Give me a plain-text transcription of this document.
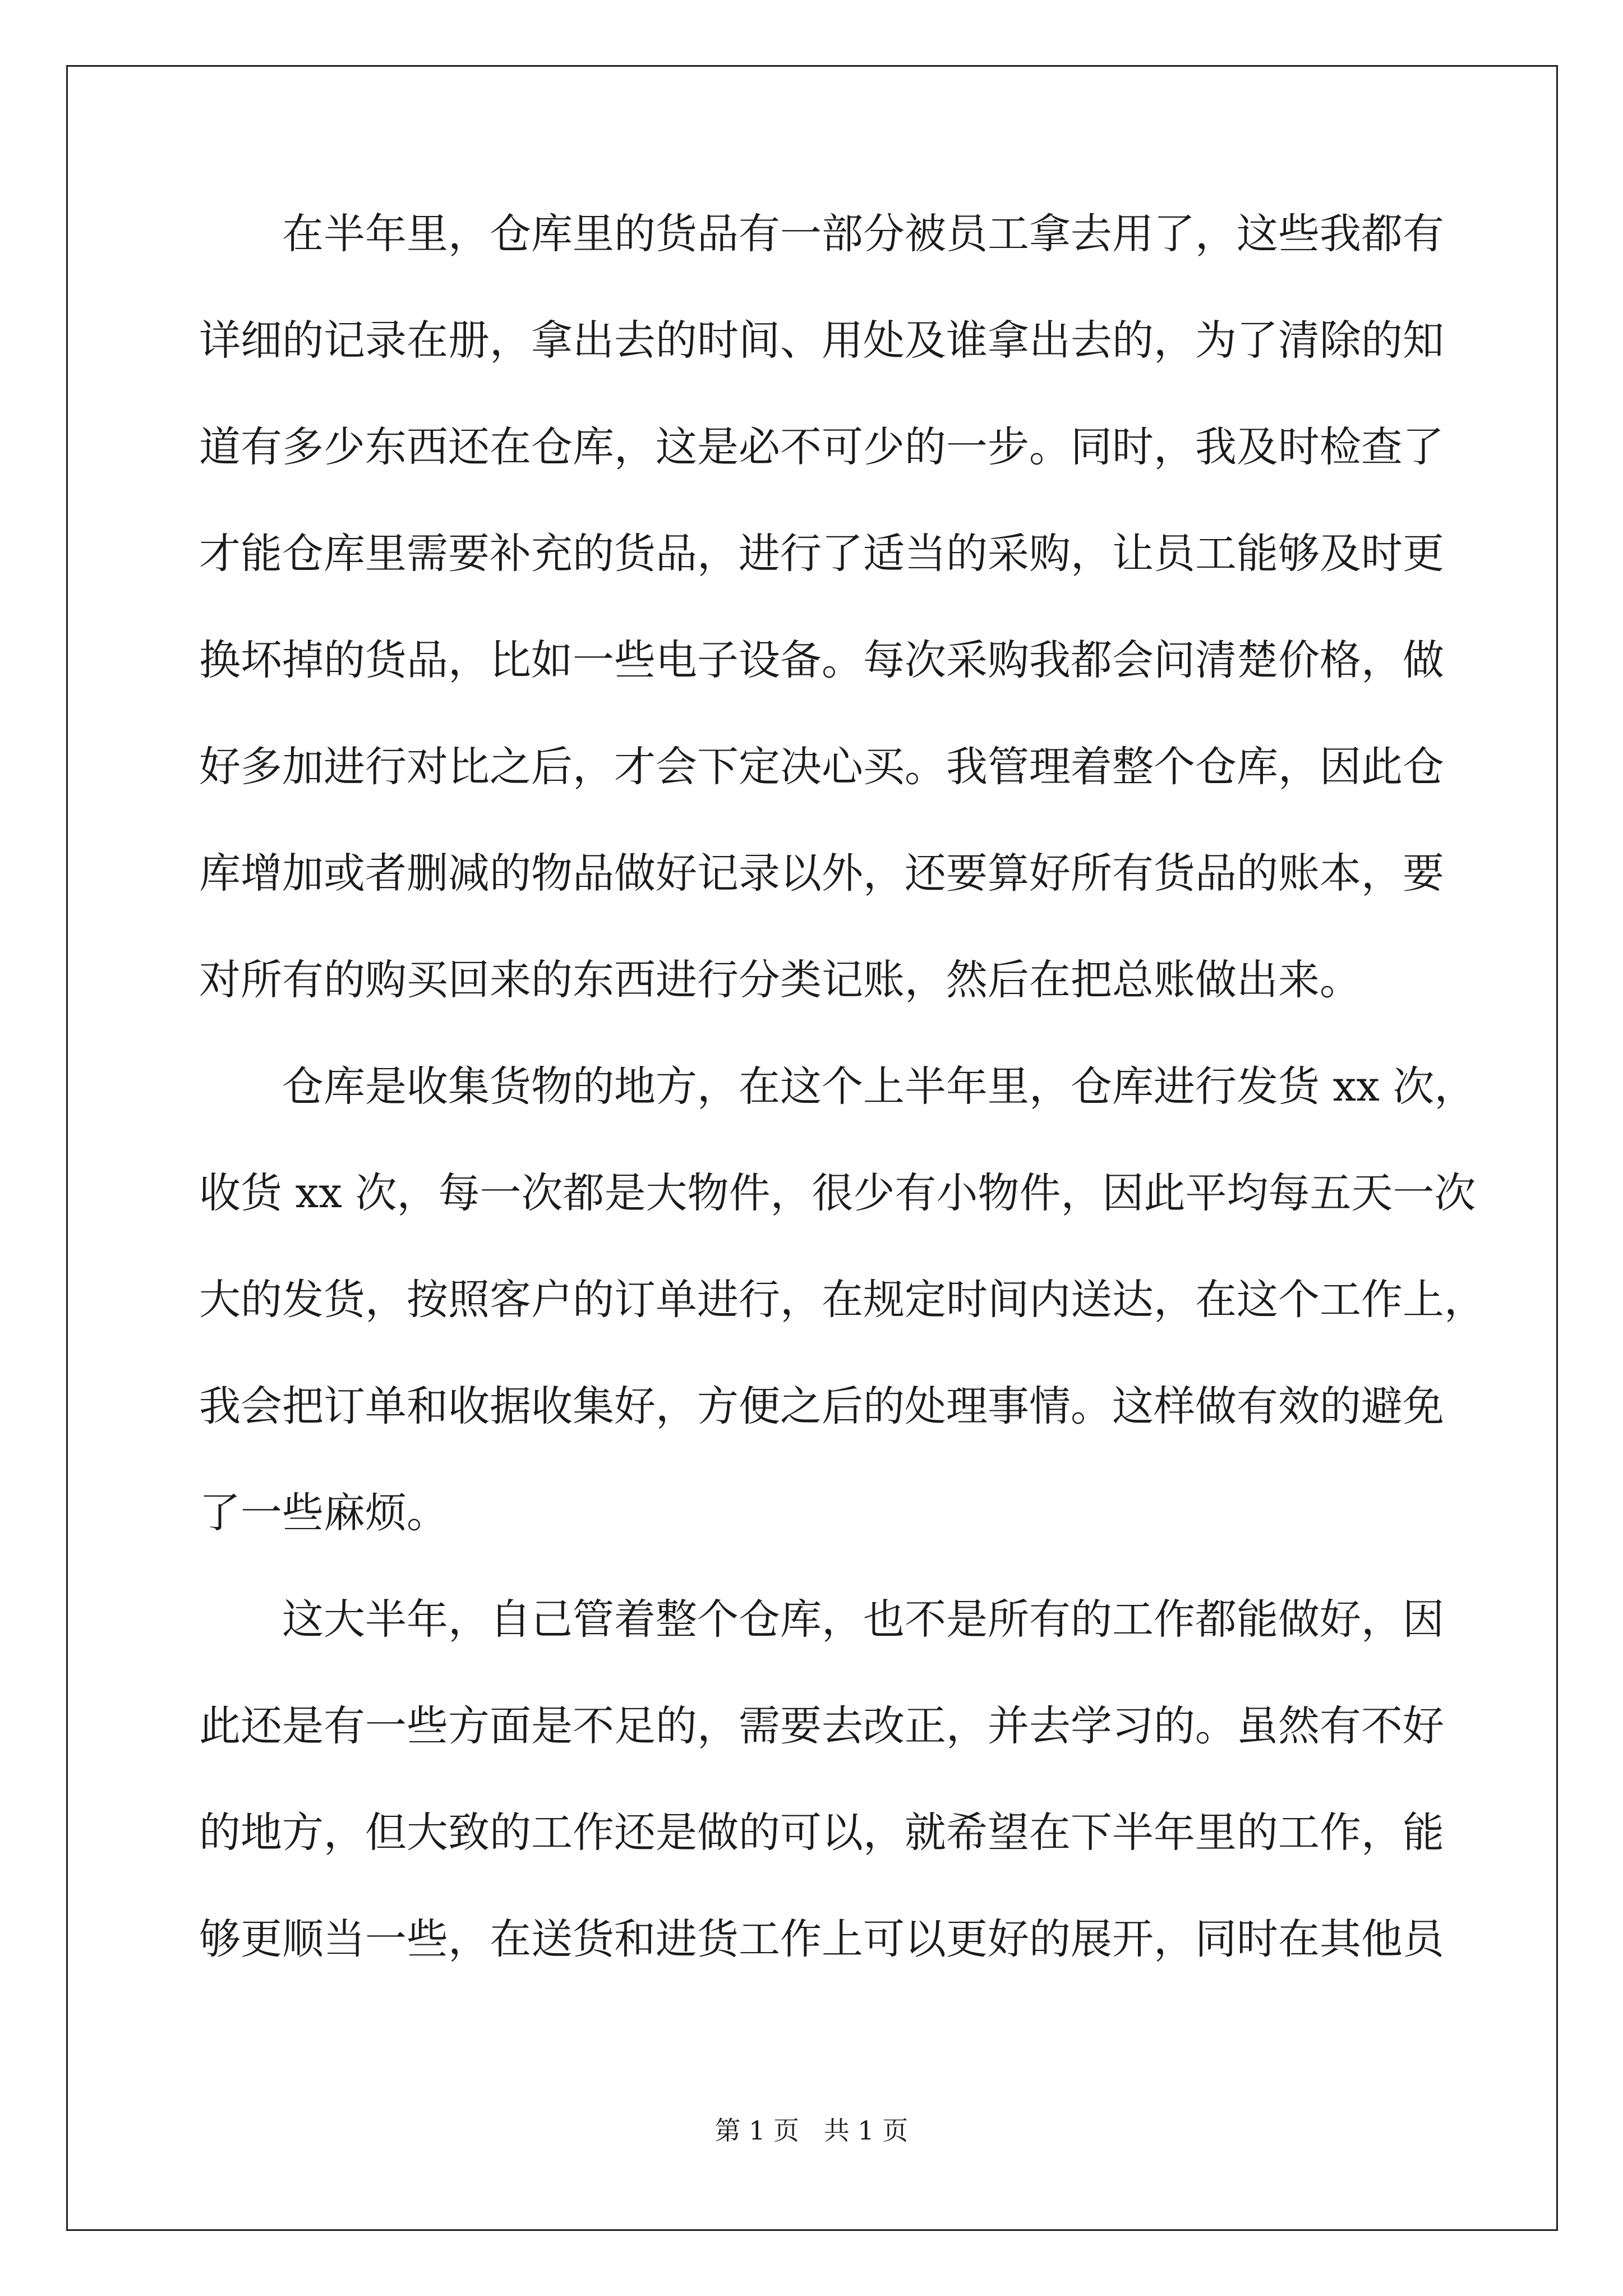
在半年里，仓库里的货品有一部分被员工拿去用了，这些我都有
详细的记录在册，拿出去的时间、用处及谁拿出去的，为了清除的知
道有多少东西还在仓库，这是必不可少的一步。同时，我及时检查了
才能仓库里需要补充的货品，进行了适当的采购，让员工能够及时更
换坏掉的货品，比如一些电子设备。每次采购我都会问清楚价格，做
好多加进行对比之后，才会下定决心买。我管理着整个仓库，因此仓
库增加或者删减的物品做好记录以外，还要算好所有货品的账本，要
对所有的购买回来的东西进行分类记账，然后在把总账做出来。
仓库是收集货物的地方，在这个上半年里，仓库进行发货 xx 次，
收货 xx 次，每一次都是大物件，很少有小物件，因此平均每五天一次
大的发货，按照客户的订单进行，在规定时间内送达，在这个工作上，
我会把订单和收据收集好，方便之后的处理事情。这样做有效的避免
了一些麻烦。
这大半年，自己管着整个仓库，也不是所有的工作都能做好，因
此还是有一些方面是不足的，需要去改正，并去学习的。虽然有不好
的地方，但大致的工作还是做的可以，就希望在下半年里的工作，能
够更顺当一些，在送货和进货工作上可以更好的展开，同时在其他员
第 1 页   共 1 页
